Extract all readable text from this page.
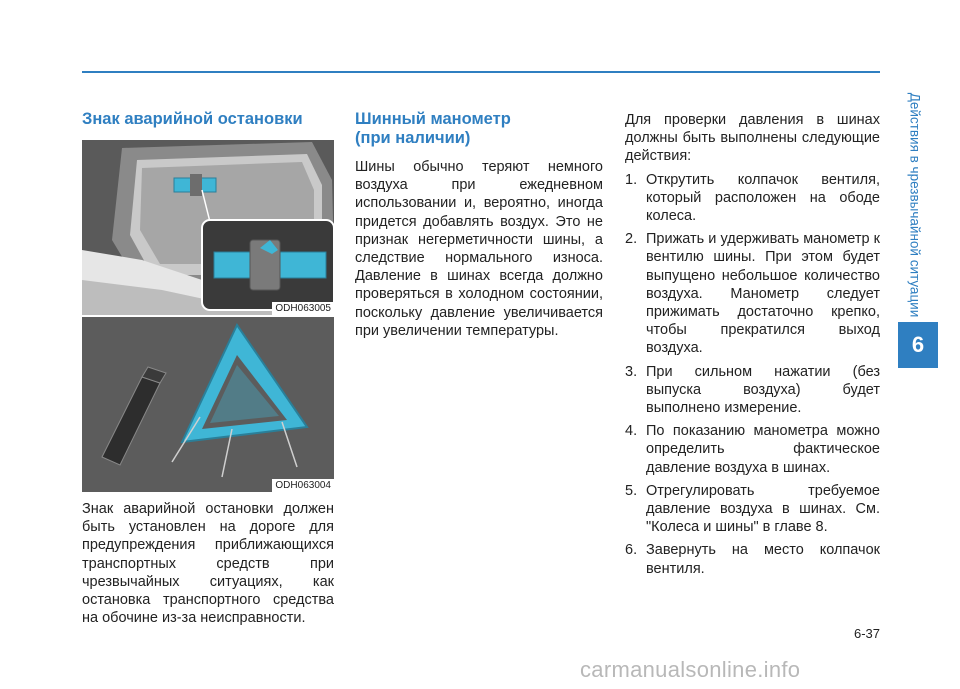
Действия в чрезвычайной ситуации
6
Знак аварийной остановки
ODH063005
ODH063004

Знак аварийной остановки должен быть установлен на дороге для предупреждения приближающихся транспортных средств при чрезвычайных ситуациях, как остановка транспортного средства на обочине из-за неисправности.

Шинный манометр
(при наличии)

Шины обычно теряют немного воздуха при ежедневном использовании и, вероятно, иногда придется добавлять воздух. Это не признак негерметичности шины, а следствие нормального износа. Давление в шинах всегда должно проверяться в холодном состоянии, поскольку давление увеличивается при увеличении температуры.

Для проверки давления в шинах должны быть выполнены следующие действия:

1. Открутить колпачок вентиля, который расположен на ободе колеса.
2. Прижать и удерживать манометр к вентилю шины. При этом будет выпущено небольшое количество воздуха. Манометр следует прижимать достаточно крепко, чтобы прекратился выход воздуха.
3. При сильном нажатии (без выпуска воздуха) будет выполнено измерение.
4. По показанию манометра можно определить фактическое давление воздуха в шинах.
5. Отрегулировать требуемое давление воздуха в шинах. См. "Колеса и шины" в главе 8.
6. Завернуть на место колпачок вентиля.
6-37
carmanualsonline.info
